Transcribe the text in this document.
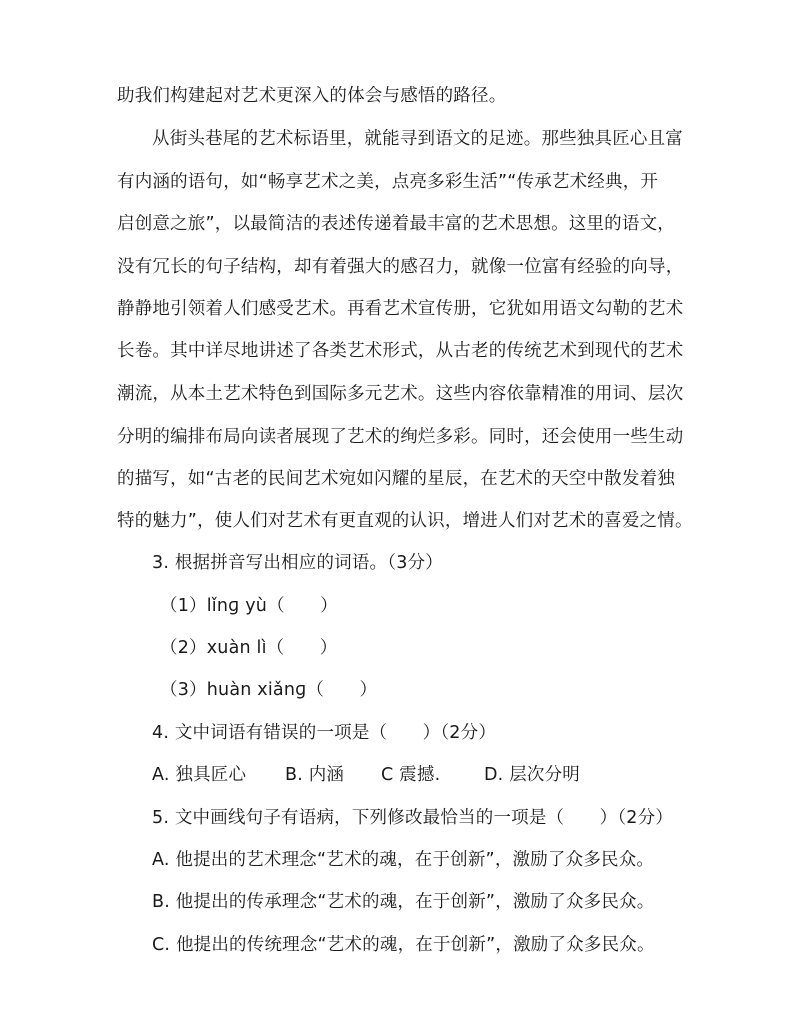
助我们构建起对艺术更深入的体会与感悟的路径。
从街头巷尾的艺术标语里，就能寻到语文的足迹。那些独具匠心且富
有内涵的语句，如“畅享艺术之美，点亮多彩生活”“传承艺术经典，开
启创意之旅”，以最简洁的表述传递着最丰富的艺术思想。这里的语文，
没有冗长的句子结构，却有着强大的感召力，就像一位富有经验的向导，
静静地引领着人们感受艺术。再看艺术宣传册，它犹如用语文勾勒的艺术
长卷。其中详尽地讲述了各类艺术形式，从古老的传统艺术到现代的艺术
潮流，从本土艺术特色到国际多元艺术。这些内容依靠精准的用词、层次
分明的编排布局向读者展现了艺术的绚烂多彩。同时，还会使用一些生动
的描写，如“古老的民间艺术宛如闪耀的星辰，在艺术的天空中散发着独
特的魅力”，使人们对艺术有更直观的认识，增进人们对艺术的喜爱之情。
3. 根据拼音写出相应的词语。（3分）
（1）lǐnɡ yù（　　）
（2）xuàn lì（　　）
（3）huàn xiǎnɡ（　　）
4. 文中词语有错误的一项是（　　）（2分）
A. 独具匠心 B. 内涵 C 震撼. D. 层次分明
5. 文中画线句子有语病，下列修改最恰当的一项是（　　）（2分）
A. 他提出的艺术理念“艺术的魂，在于创新”，激励了众多民众。
B. 他提出的传承理念“艺术的魂，在于创新”，激励了众多民众。
C. 他提出的传统理念“艺术的魂，在于创新”，激励了众多民众。
